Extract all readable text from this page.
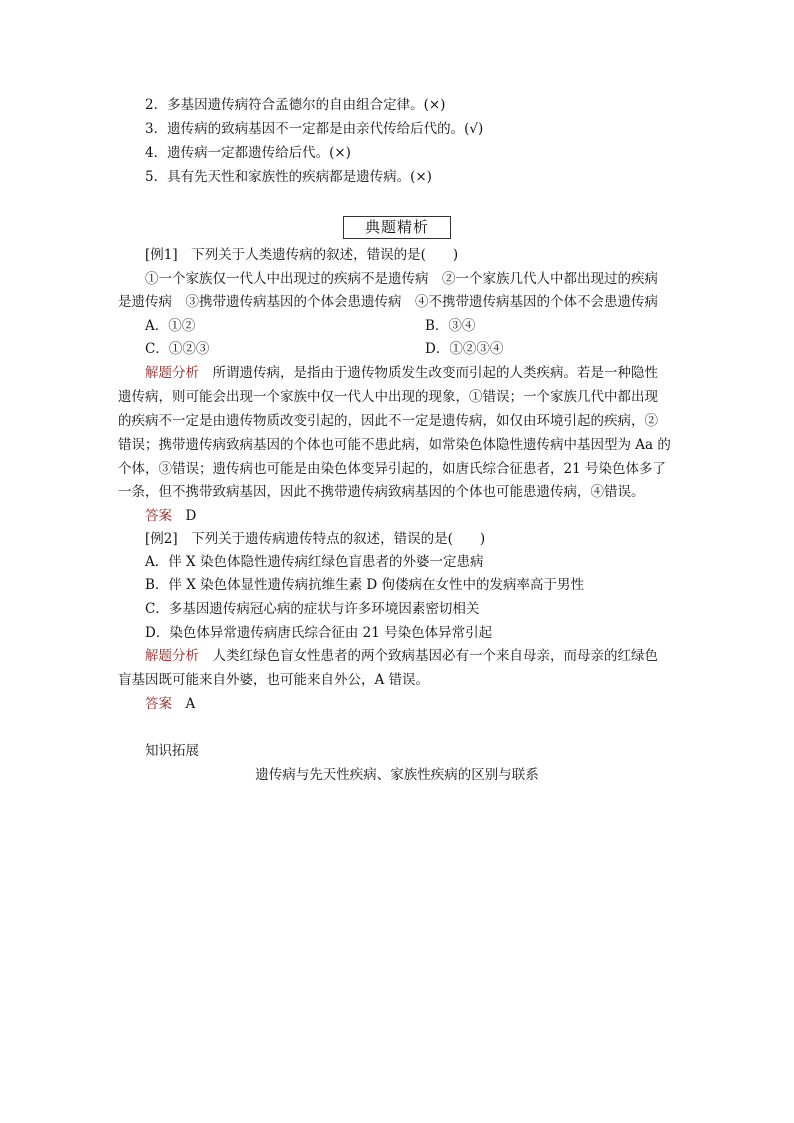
2．多基因遗传病符合孟德尔的自由组合定律。(×)
3．遗传病的致病基因不一定都是由亲代传给后代的。(√)
4．遗传病一定都遗传给后代。(×)
5．具有先天性和家族性的疾病都是遗传病。(×)
典题精析
[例1]　下列关于人类遗传病的叙述，错误的是(　　)
①一个家族仅一代人中出现过的疾病不是遗传病　②一个家族几代人中都出现过的疾病
是遗传病　③携带遗传病基因的个体会患遗传病　④不携带遗传病基因的个体不会患遗传病
A．①②	B．③④
C．①②③	D．①②③④
解题分析　所谓遗传病，是指由于遗传物质发生改变而引起的人类疾病。若是一种隐性
遗传病，则可能会出现一个家族中仅一代人中出现的现象，①错误；一个家族几代中都出现
的疾病不一定是由遗传物质改变引起的，因此不一定是遗传病，如仅由环境引起的疾病，②
错误；携带遗传病致病基因的个体也可能不患此病，如常染色体隐性遗传病中基因型为 Aa 的
个体，③错误；遗传病也可能是由染色体变异引起的，如唐氏综合征患者，21 号染色体多了
一条，但不携带致病基因，因此不携带遗传病致病基因的个体也可能患遗传病，④错误。
答案　D
[例2]　下列关于遗传病遗传特点的叙述，错误的是(　　)
A．伴 X 染色体隐性遗传病红绿色盲患者的外婆一定患病
B．伴 X 染色体显性遗传病抗维生素 D 佝偻病在女性中的发病率高于男性
C．多基因遗传病冠心病的症状与许多环境因素密切相关
D．染色体异常遗传病唐氏综合征由 21 号染色体异常引起
解题分析　人类红绿色盲女性患者的两个致病基因必有一个来自母亲，而母亲的红绿色
盲基因既可能来自外婆，也可能来自外公，A 错误。
答案　A
知识拓展
遗传病与先天性疾病、家族性疾病的区别与联系
